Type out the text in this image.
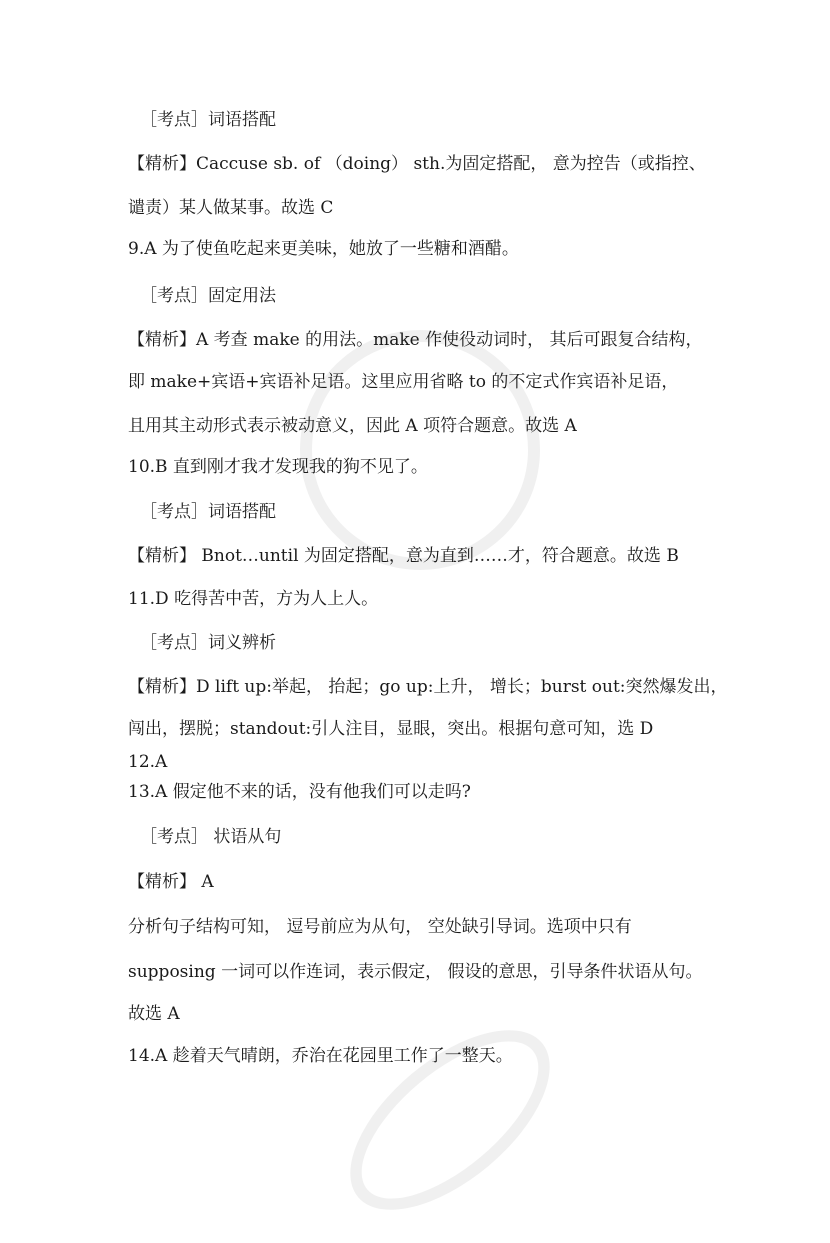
［考点］词语搭配
【精析】Caccuse sb. of （doing） sth.为固定搭配， 意为控告（或指控、
谴责）某人做某事。故选 C
9.A 为了使鱼吃起来更美味，她放了一些糖和酒醋。
［考点］固定用法
【精析】A 考查 make 的用法。make 作使役动词时， 其后可跟复合结构，
即 make+宾语+宾语补足语。这里应用省略 to 的不定式作宾语补足语，
且用其主动形式表示被动意义，因此 A 项符合题意。故选 A
10.B 直到刚才我才发现我的狗不见了。
［考点］词语搭配
【精析】 Bnot…until 为固定搭配，意为直到……才，符合题意。故选 B
11.D 吃得苦中苦，方为人上人。
［考点］词义辨析
【精析】D lift up:举起， 抬起；go up:上升， 增长；burst out:突然爆发出，
闯出，摆脱；standout:引人注目，显眼，突出。根据句意可知，选 D
12.A
13.A 假定他不来的话，没有他我们可以走吗?
［考点］ 状语从句
【精析】 A
分析句子结构可知， 逗号前应为从句， 空处缺引导词。选项中只有
supposing 一词可以作连词，表示假定， 假设的意思，引导条件状语从句。
故选 A
14.A 趁着天气晴朗，乔治在花园里工作了一整天。
